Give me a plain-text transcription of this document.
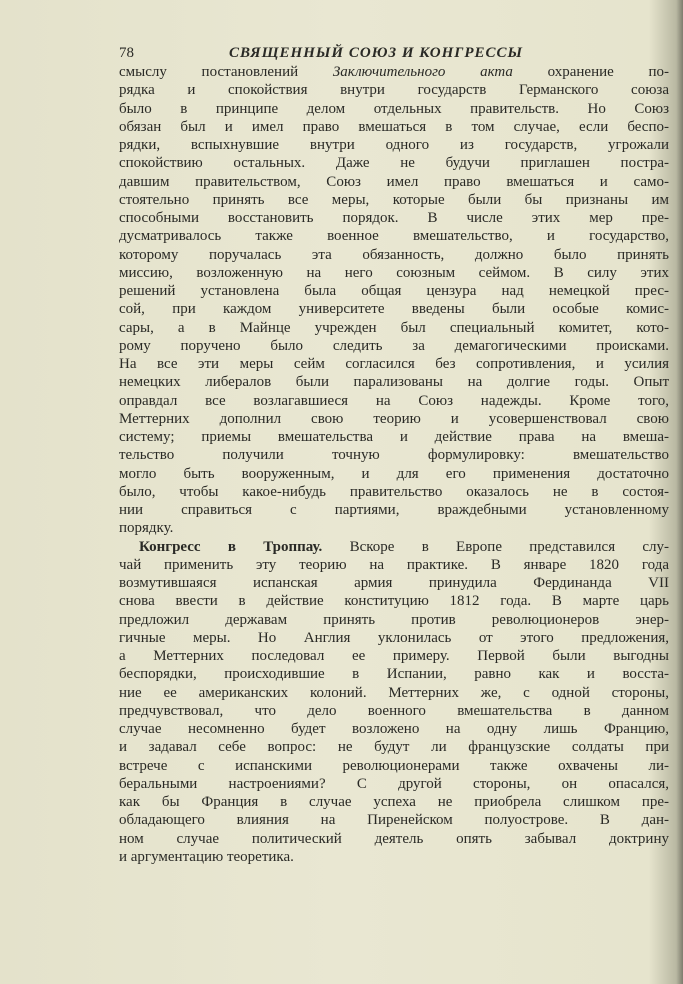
78	СВЯЩЕННЫЙ СОЮЗ И КОНГРЕССЫ
смыслу постановлений Заключительного акта охранение по-
рядка и спокойствия внутри государств Германского союза
было в принципе делом отдельных правительств. Но Союз
обязан был и имел право вмешаться в том случае, если беспо-
рядки, вспыхнувшие внутри одного из государств, угрожали
спокойствию остальных. Даже не будучи приглашен постра-
давшим правительством, Союз имел право вмешаться и само-
стоятельно принять все меры, которые были бы признаны им
способными восстановить порядок. В числе этих мер пре-
дусматривалось также военное вмешательство, и государство,
которому поручалась эта обязанность, должно было принять
миссию, возложенную на него союзным сеймом. В силу этих
решений установлена была общая цензура над немецкой прес-
сой, при каждом университете введены были особые комис-
сары, а в Майнце учрежден был специальный комитет, кото-
рому поручено было следить за демагогическими происками.
На все эти меры сейм согласился без сопротивления, и усилия
немецких либералов были парализованы на долгие годы. Опыт
оправдал все возлагавшиеся на Союз надежды. Кроме того,
Меттерних дополнил свою теорию и усовершенствовал свою
систему; приемы вмешательства и действие права на вмеша-
тельство получили точную формулировку: вмешательство
могло быть вооруженным, и для его применения достаточно
было, чтобы какое-нибудь правительство оказалось не в состоя-
нии справиться с партиями, враждебными установленному
порядку.
Конгресс в Троппау. Вскоре в Европе представился слу-
чай применить эту теорию на практике. В январе 1820 года
возмутившаяся испанская армия принудила Фердинанда VII
снова ввести в действие конституцию 1812 года. В марте царь
предложил державам принять против революционеров энер-
гичные меры. Но Англия уклонилась от этого предложения,
а Меттерних последовал ее примеру. Первой были выгодны
беспорядки, происходившие в Испании, равно как и восста-
ние ее американских колоний. Меттерних же, с одной стороны,
предчувствовал, что дело военного вмешательства в данном
случае несомненно будет возложено на одну лишь Францию,
и задавал себе вопрос: не будут ли французские солдаты при
встрече с испанскими революционерами также охвачены ли-
беральными настроениями? С другой стороны, он опасался,
как бы Франция в случае успеха не приобрела слишком пре-
обладающего влияния на Пиренейском полуострове. В дан-
ном случае политический деятель опять забывал доктрину
и аргументацию теоретика.
